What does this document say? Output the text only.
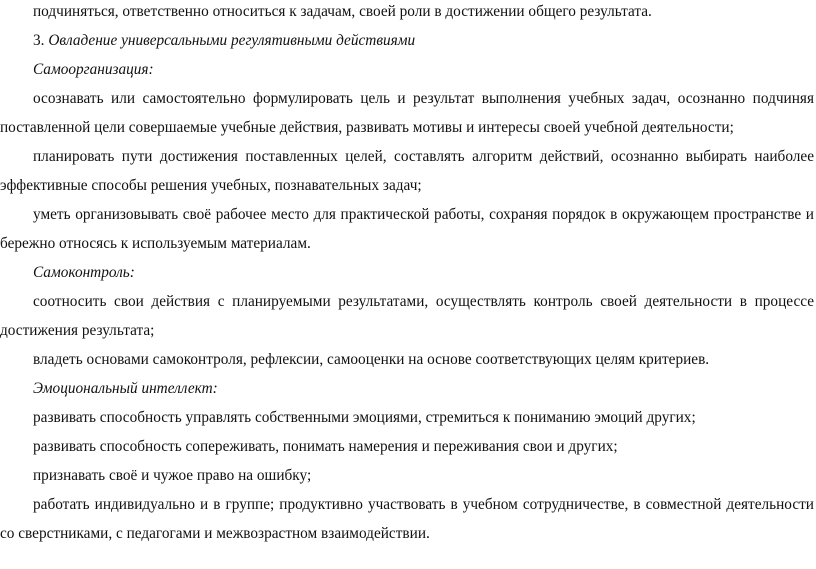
подчиняться, ответственно относиться к задачам, своей роли в достижении общего результата.

3. Овладение универсальными регулятивными действиями

Самоорганизация:

осознавать или самостоятельно формулировать цель и результат выполнения учебных задач, осознанно подчиняя поставленной цели совершаемые учебные действия, развивать мотивы и интересы своей учебной деятельности;

планировать пути достижения поставленных целей, составлять алгоритм действий, осознанно выбирать наиболее эффективные способы решения учебных, познавательных задач;

уметь организовывать своё рабочее место для практической работы, сохраняя порядок в окружающем пространстве и бережно относясь к используемым материалам.

Самоконтроль:

соотносить свои действия с планируемыми результатами, осуществлять контроль своей деятельности в процессе достижения результата;

владеть основами самоконтроля, рефлексии, самооценки на основе соответствующих целям критериев.

Эмоциональный интеллект:

развивать способность управлять собственными эмоциями, стремиться к пониманию эмоций других;

развивать способность сопереживать, понимать намерения и переживания свои и других;

признавать своё и чужое право на ошибку;

работать индивидуально и в группе; продуктивно участвовать в учебном сотрудничестве, в совместной деятельности со сверстниками, с педагогами и межвозрастном взаимодействии.
